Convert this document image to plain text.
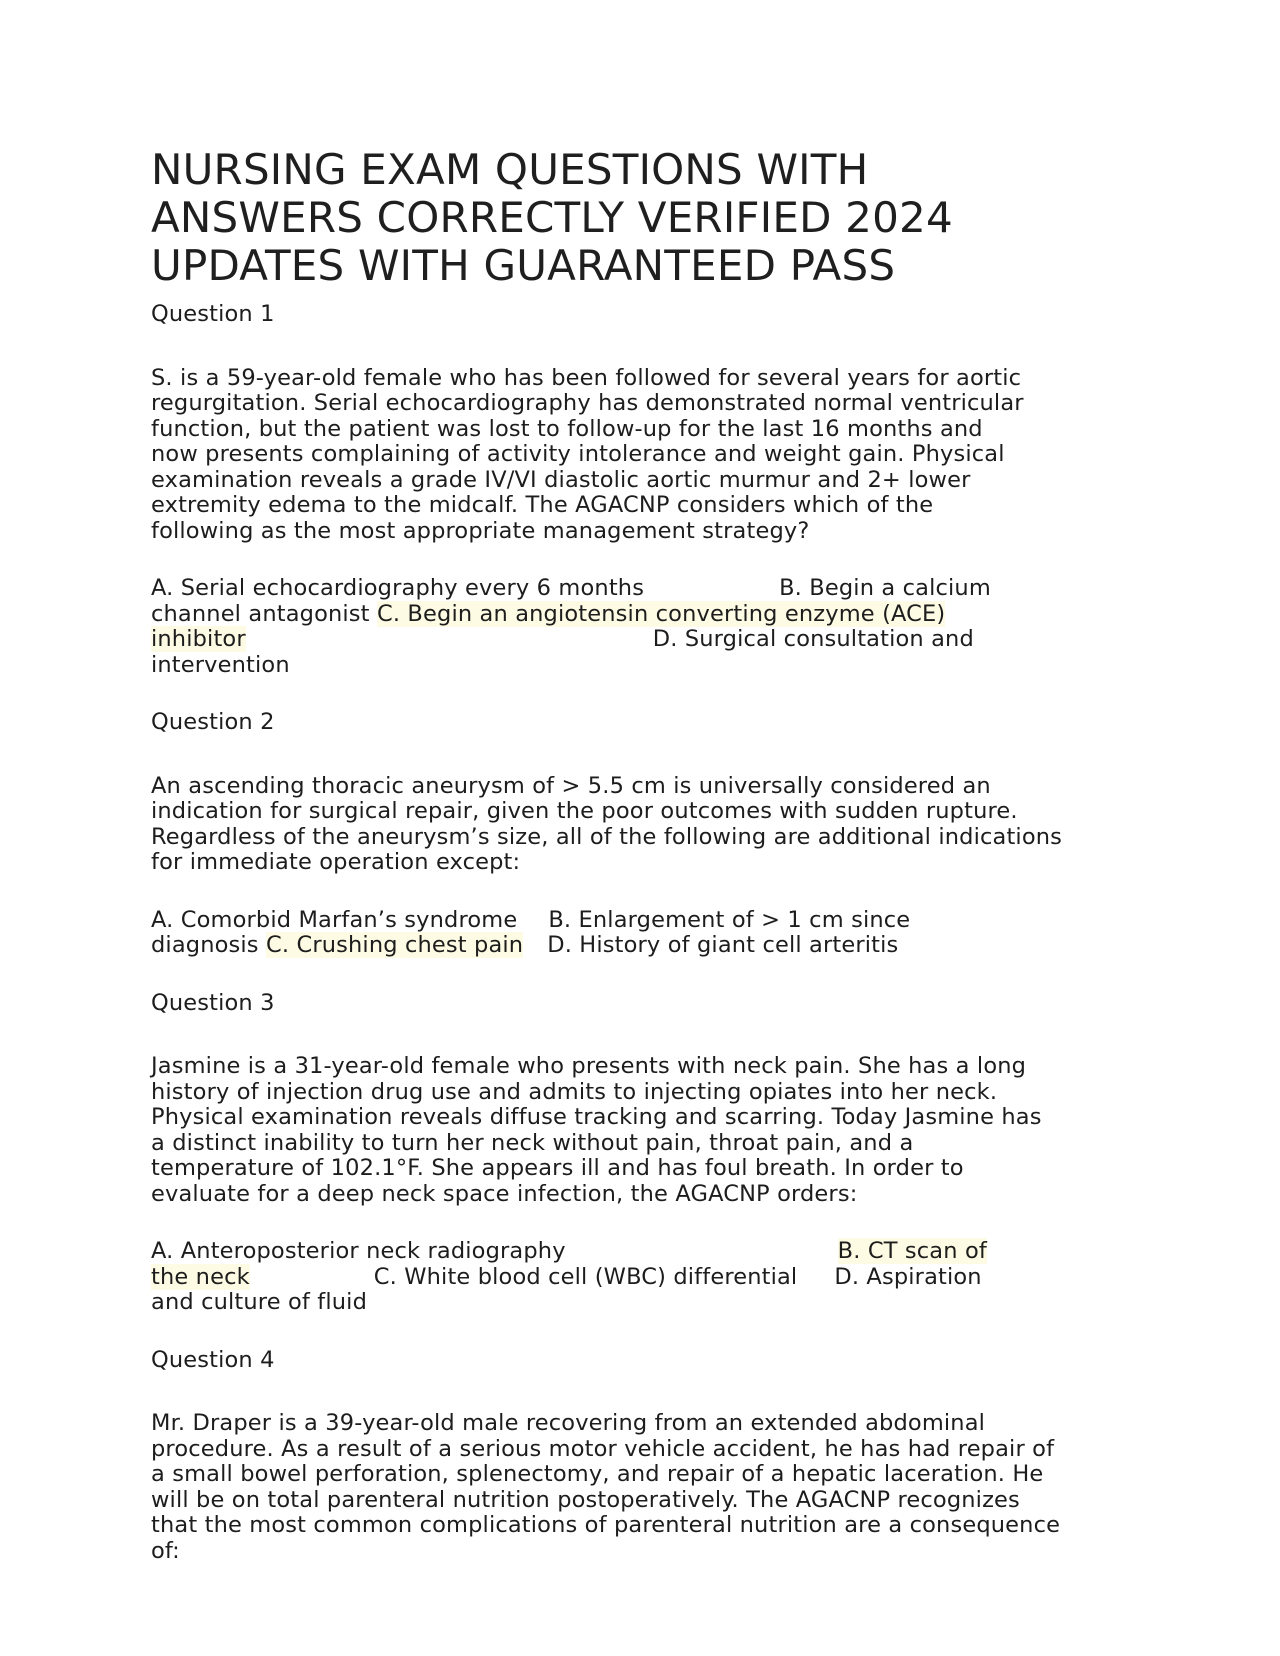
NURSING EXAM QUESTIONS WITH
ANSWERS CORRECTLY VERIFIED 2024
UPDATES WITH GUARANTEED PASS

Question 1

S. is a 59-year-old female who has been followed for several years for aortic
regurgitation. Serial echocardiography has demonstrated normal ventricular
function, but the patient was lost to follow-up for the last 16 months and
now presents complaining of activity intolerance and weight gain. Physical
examination reveals a grade IV/VI diastolic aortic murmur and 2+ lower
extremity edema to the midcalf. The AGACNP considers which of the
following as the most appropriate management strategy?

A. Serial echocardiography every 6 months	B. Begin a calcium
channel antagonist C. Begin an angiotensin converting enzyme (ACE)
inhibitor	D. Surgical consultation and
intervention

Question 2

An ascending thoracic aneurysm of > 5.5 cm is universally considered an
indication for surgical repair, given the poor outcomes with sudden rupture.
Regardless of the aneurysm’s size, all of the following are additional indications
for immediate operation except:

A. Comorbid Marfan’s syndrome B. Enlargement of > 1 cm since
diagnosis C. Crushing chest pain D. History of giant cell arteritis

Question 3

Jasmine is a 31-year-old female who presents with neck pain. She has a long
history of injection drug use and admits to injecting opiates into her neck.
Physical examination reveals diffuse tracking and scarring. Today Jasmine has
a distinct inability to turn her neck without pain, throat pain, and a
temperature of 102.1°F. She appears ill and has foul breath. In order to
evaluate for a deep neck space infection, the AGACNP orders:

A. Anteroposterior neck radiography	B. CT scan of
the neck	C. White blood cell (WBC) differential D. Aspiration
and culture of fluid

Question 4

Mr. Draper is a 39-year-old male recovering from an extended abdominal
procedure. As a result of a serious motor vehicle accident, he has had repair of
a small bowel perforation, splenectomy, and repair of a hepatic laceration. He
will be on total parenteral nutrition postoperatively. The AGACNP recognizes
that the most common complications of parenteral nutrition are a consequence
of:
